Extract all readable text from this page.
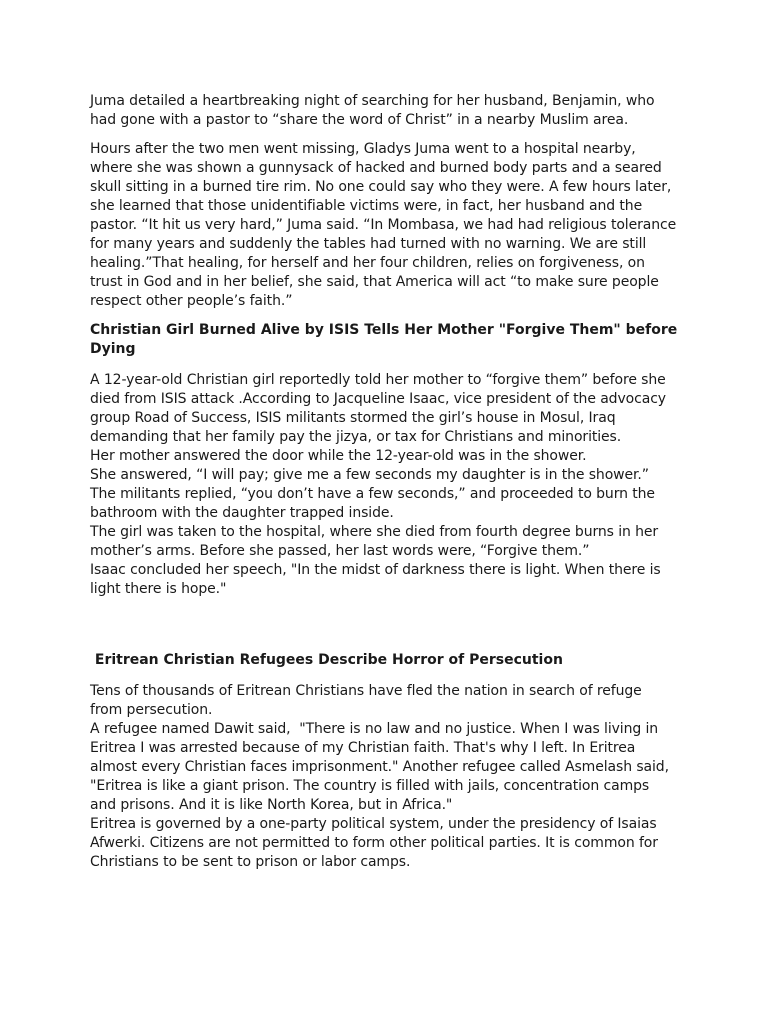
Juma detailed a heartbreaking night of searching for her husband, Benjamin, who
had gone with a pastor to “share the word of Christ” in a nearby Muslim area.

Hours after the two men went missing, Gladys Juma went to a hospital nearby,
where she was shown a gunnysack of hacked and burned body parts and a seared
skull sitting in a burned tire rim. No one could say who they were. A few hours later,
she learned that those unidentifiable victims were, in fact, her husband and the
pastor. “It hit us very hard,” Juma said. “In Mombasa, we had had religious tolerance
for many years and suddenly the tables had turned with no warning. We are still
healing.”That healing, for herself and her four children, relies on forgiveness, on
trust in God and in her belief, she said, that America will act “to make sure people
respect other people’s faith.”

Christian Girl Burned Alive by ISIS Tells Her Mother "Forgive Them" before
Dying

A 12-year-old Christian girl reportedly told her mother to “forgive them” before she
died from ISIS attack .According to Jacqueline Isaac, vice president of the advocacy
group Road of Success, ISIS militants stormed the girl’s house in Mosul, Iraq
demanding that her family pay the jizya, or tax for Christians and minorities.
Her mother answered the door while the 12-year-old was in the shower.
She answered, “I will pay; give me a few seconds my daughter is in the shower.”
The militants replied, “you don’t have a few seconds,” and proceeded to burn the
bathroom with the daughter trapped inside.
The girl was taken to the hospital, where she died from fourth degree burns in her
mother’s arms. Before she passed, her last words were, “Forgive them.”
Isaac concluded her speech, "In the midst of darkness there is light. When there is
light there is hope."

Eritrean Christian Refugees Describe Horror of Persecution

Tens of thousands of Eritrean Christians have fled the nation in search of refuge
from persecution.
A refugee named Dawit said,  "There is no law and no justice. When I was living in
Eritrea I was arrested because of my Christian faith. That's why I left. In Eritrea
almost every Christian faces imprisonment." Another refugee called Asmelash said,
"Eritrea is like a giant prison. The country is filled with jails, concentration camps
and prisons. And it is like North Korea, but in Africa."
Eritrea is governed by a one-party political system, under the presidency of Isaias
Afwerki. Citizens are not permitted to form other political parties. It is common for
Christians to be sent to prison or labor camps.
